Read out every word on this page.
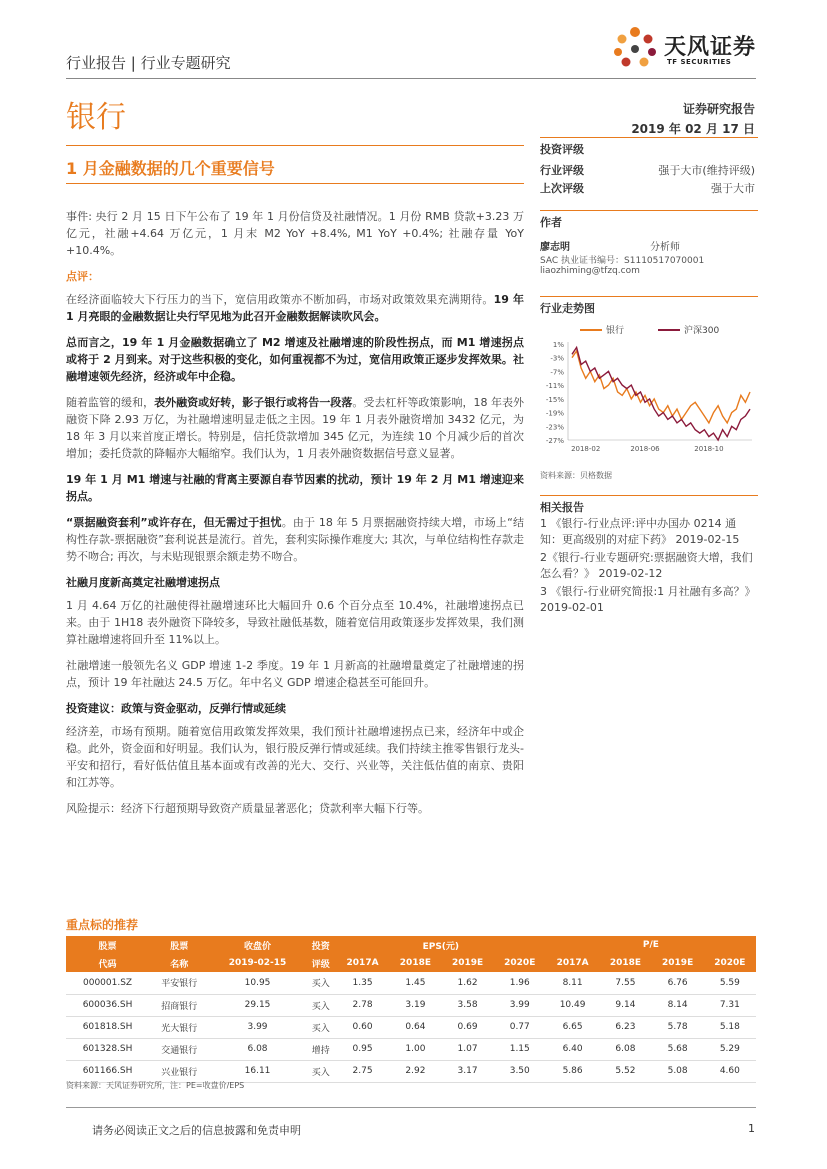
行业报告 | 行业专题研究
天风证券
TF SECURITIES
银行	证券研究报告
2019 年 02 月 17 日
1 月金融数据的几个重要信号

事件: 央行 2 月 15 日下午公布了 19 年 1 月份信贷及社融情况。1 月份 RMB 贷款+3.23 万亿元，社融+4.64 万亿元，1 月末 M2 YoY +8.4%, M1 YoY +0.4%; 社融存量 YoY +10.4%。

点评：

在经济面临较大下行压力的当下，宽信用政策亦不断加码，市场对政策效果充满期待。19 年 1 月亮眼的金融数据让央行罕见地为此召开金融数据解读吹风会。

总而言之，19 年 1 月金融数据确立了 M2 增速及社融增速的阶段性拐点，而 M1 增速拐点或将于 2 月到来。对于这些积极的变化，如何重视都不为过，宽信用政策正逐步发挥效果。社融增速领先经济，经济或年中企稳。

随着监管的缓和，表外融资或好转，影子银行或将告一段落。受去杠杆等政策影响，18 年表外融资下降 2.93 万亿，为社融增速明显走低之主因。19 年 1 月表外融资增加 3432 亿元，为 18 年 3 月以来首度正增长。特别是，信托贷款增加 345 亿元，为连续 10 个月减少后的首次增加；委托贷款的降幅亦大幅缩窄。我们认为，1 月表外融资数据信号意义显著。

19 年 1 月 M1 增速与社融的背离主要源自春节因素的扰动，预计 19 年 2 月 M1 增速迎来拐点。

“票据融资套利”或许存在，但无需过于担忧。由于 18 年 5 月票据融资持续大增，市场上“结构性存款-票据融资”套利说甚是流行。首先，套利实际操作难度大; 其次，与单位结构性存款走势不吻合; 再次，与未贴现银票余额走势不吻合。

社融月度新高奠定社融增速拐点

1 月 4.64 万亿的社融使得社融增速环比大幅回升 0.6 个百分点至 10.4%，社融增速拐点已来。由于 1H18 表外融资下降较多，导致社融低基数，随着宽信用政策逐步发挥效果，我们测算社融增速将回升至 11%以上。

社融增速一般领先名义 GDP 增速 1-2 季度。19 年 1 月新高的社融增量奠定了社融增速的拐点，预计 19 年社融达 24.5 万亿。年中名义 GDP 增速企稳甚至可能回升。

投资建议：政策与资金驱动，反弹行情或延续

经济差，市场有预期。随着宽信用政策发挥效果，我们预计社融增速拐点已来，经济年中或企稳。此外，资金面和好明显。我们认为，银行股反弹行情或延续。我们持续主推零售银行龙头-平安和招行，看好低估值且基本面或有改善的光大、交行、兴业等，关注低估值的南京、贵阳和江苏等。

风险提示：经济下行超预期导致资产质量显著恶化；贷款利率大幅下行等。

投资评级
行业评级	强于大市(维持评级)
上次评级	强于大市
作者
廖志明	分析师
SAC 执业证书编号：S1110517070001
liaozhiming@tfzq.com
行业走势图
银行	沪深300
1%
-3%
-7%
-11%
-15%
-19%
-23%
-27%
2018-02	2018-06	2018-10
资料来源：贝格数据
相关报告
1 《银行-行业点评:评中办国办 0214 通知：更高级别的对症下药》 2019-02-15
2《银行-行业专题研究:票据融资大增，我们怎么看？》 2019-02-12
3 《银行-行业研究简报:1 月社融有多高？》 2019-02-01
重点标的推荐
股票	股票	收盘价	投资	EPS(元)				P/E			
代码	名称	2019-02-15	评级	2017A	2018E	2019E	2020E	2017A	2018E	2019E	2020E
000001.SZ	平安银行	10.95	买入	1.35	1.45	1.62	1.96	8.11	7.55	6.76	5.59
600036.SH	招商银行	29.15	买入	2.78	3.19	3.58	3.99	10.49	9.14	8.14	7.31
601818.SH	光大银行	3.99	买入	0.60	0.64	0.69	0.77	6.65	6.23	5.78	5.18
601328.SH	交通银行	6.08	增持	0.95	1.00	1.07	1.15	6.40	6.08	5.68	5.29
601166.SH	兴业银行	16.11	买入	2.75	2.92	3.17	3.50	5.86	5.52	5.08	4.60
资料来源：天风证券研究所，注：PE=收盘价/EPS
请务必阅读正文之后的信息披露和免责申明	1
